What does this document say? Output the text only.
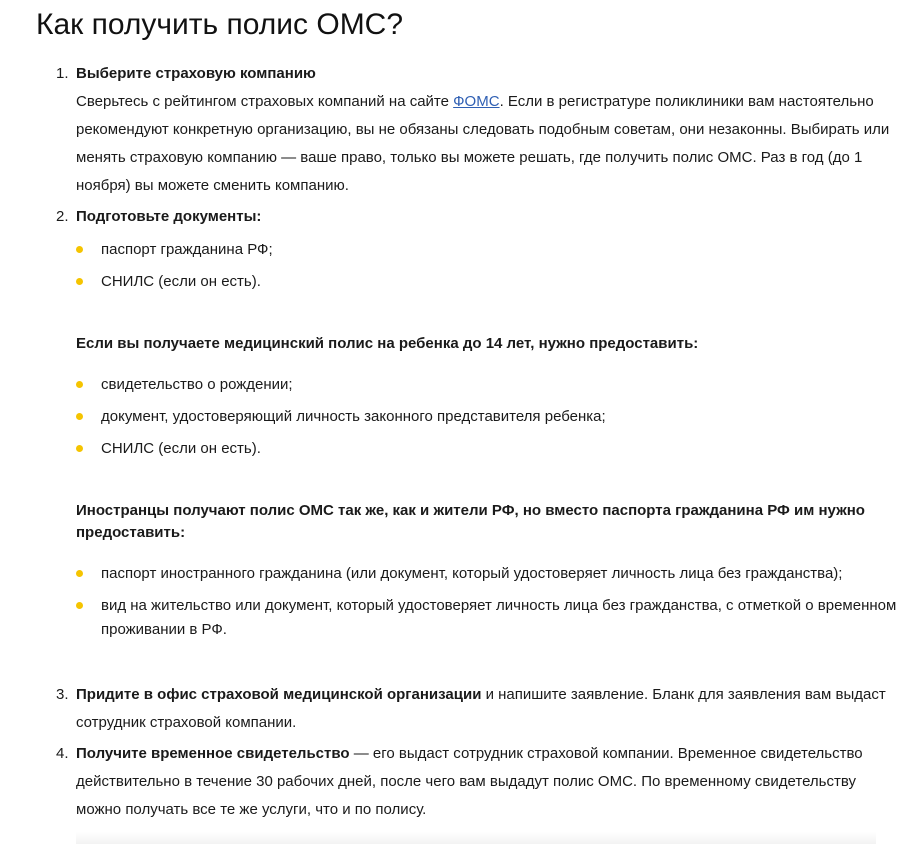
Как получить полис ОМС?
1. Выберите страховую компанию
Сверьтесь с рейтингом страховых компаний на сайте ФОМС. Если в регистратуре поликлиники вам настоятельно рекомендуют конкретную организацию, вы не обязаны следовать подобным советам, они незаконны. Выбирать или менять страховую компанию — ваше право, только вы можете решать, где получить полис ОМС. Раз в год (до 1 ноября) вы можете сменить компанию.
2. Подготовьте документы:
паспорт гражданина РФ;
СНИЛС (если он есть).
Если вы получаете медицинский полис на ребенка до 14 лет, нужно предоставить:
свидетельство о рождении;
документ, удостоверяющий личность законного представителя ребенка;
СНИЛС (если он есть).
Иностранцы получают полис ОМС так же, как и жители РФ, но вместо паспорта гражданина РФ им нужно предоставить:
паспорт иностранного гражданина (или документ, который удостоверяет личность лица без гражданства);
вид на жительство или документ, который удостоверяет личность лица без гражданства, с отметкой о временном проживании в РФ.
3. Придите в офис страховой медицинской организации и напишите заявление. Бланк для заявления вам выдаст сотрудник страховой компании.
4. Получите временное свидетельство — его выдаст сотрудник страховой компании. Временное свидетельство действительно в течение 30 рабочих дней, после чего вам выдадут полис ОМС. По временному свидетельству можно получать все те же услуги, что и по полису.
